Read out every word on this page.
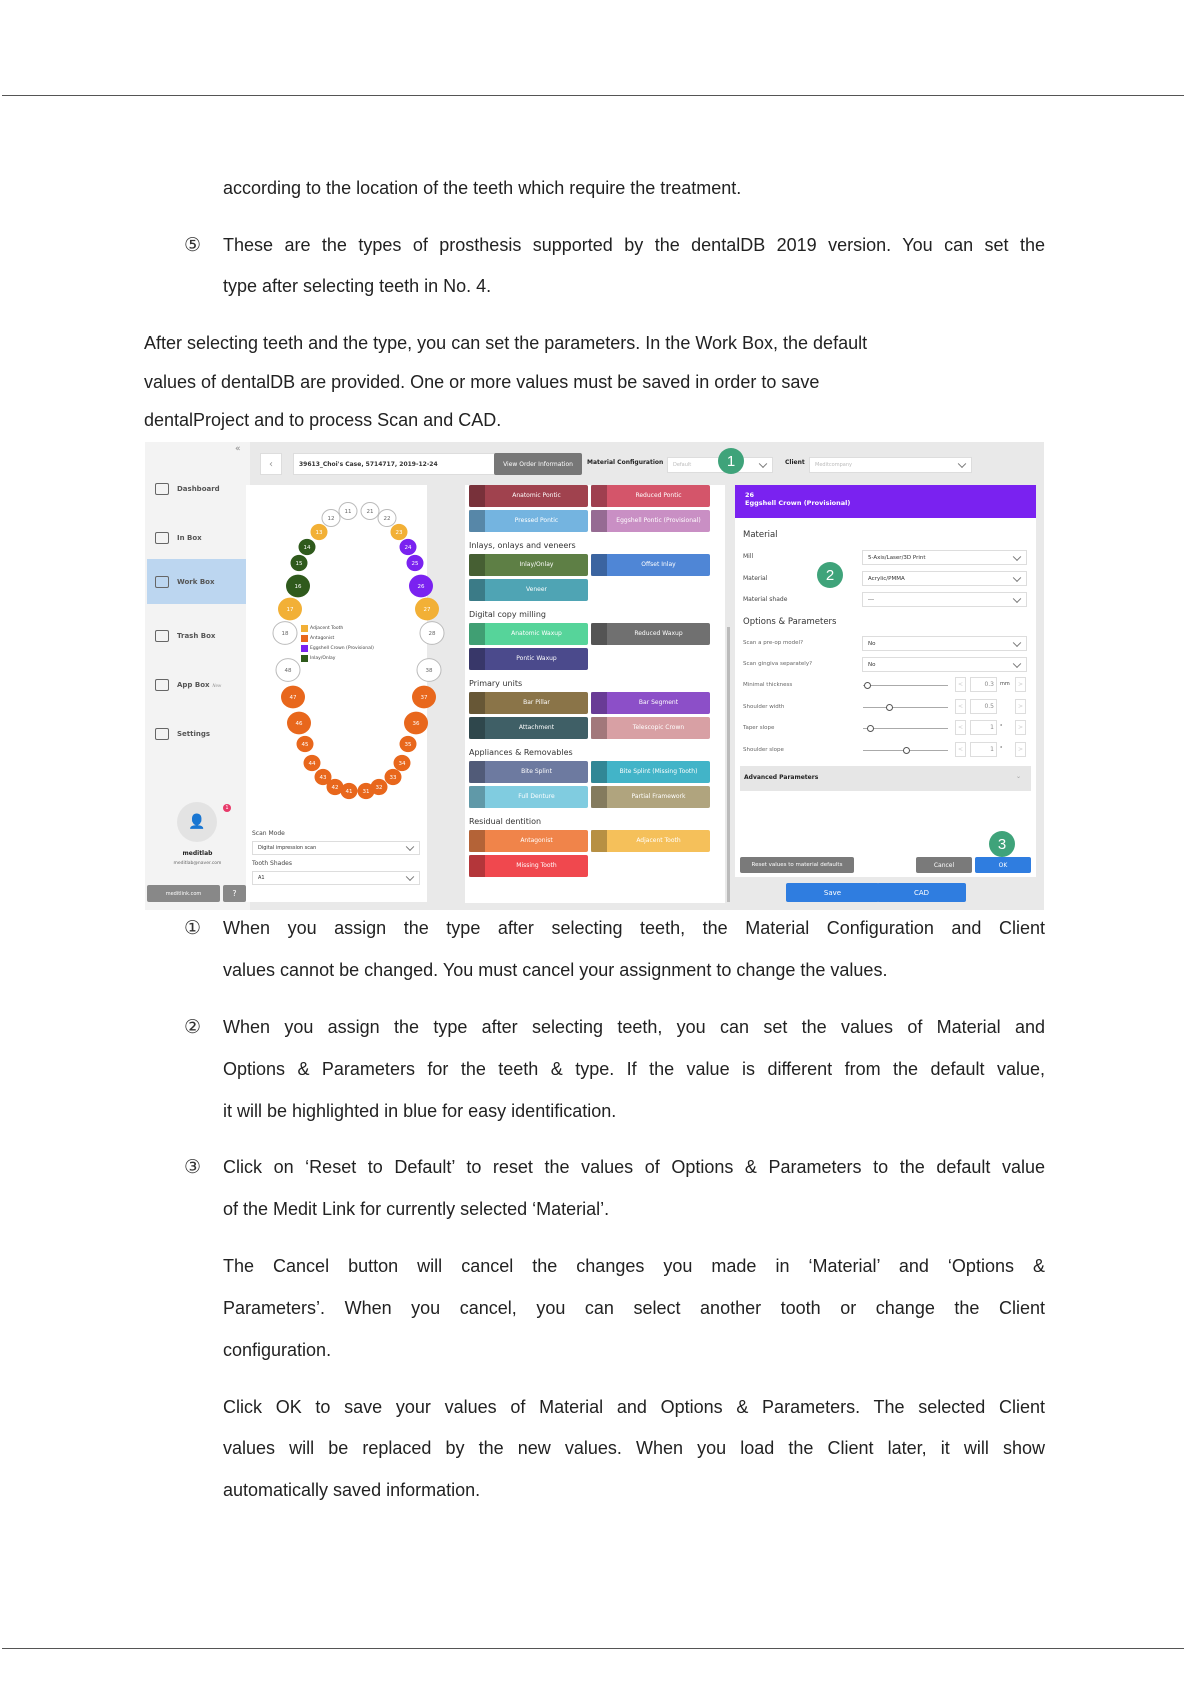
according to the location of the teeth which require the treatment.
⑤ These are the types of prosthesis supported by the dentalDB 2019 version. You can set the
type after selecting teeth in No. 4.
After selecting teeth and the type, you can set the parameters. In the Work Box, the default
values of dentalDB are provided. One or more values must be saved in order to save
dentalProject and to process Scan and CAD.
«
Dashboard
In Box
Work Box
Trash Box
App Box New
Settings
👤
1
meditlab
meditlab@naver.com
meditlink.com	?
‹	39613_Choi's Case, 5714717, 2019-12-24	View Order Information	Material Configuration	Default	1	Client	Meditcompany
11
12
21
22
13	23
14	24
15	25
16	26
17	27
18	28
48	38
47	37
46	36
45	35
44	34
43	33
42	32
41 31
Adjacent Tooth
Antagonist
Eggshell Crown (Provisional)
Inlay/Onlay
Scan Mode
Digital impression scan
Tooth Shades
A1
Anatomic Pontic	Reduced Pontic
Pressed Pontic	Eggshell Pontic (Provisional)
Inlays, onlays and veneers
Inlay/Onlay	Offset Inlay
Veneer
Digital copy milling
Anatomic Waxup	Reduced Waxup
Pontic Waxup
Primary units
Bar Pillar	Bar Segment
Attachment	Telescopic Crown
Appliances & Removables
Bite Splint	Bite Splint (Missing Tooth)
Full Denture	Partial Framework
Residual dentition
Antagonist	Adjacent Tooth
Missing Tooth
26
Eggshell Crown (Provisional)
Material
Mill	5-Axis/Laser/3D Print
Material	Acrylic/PMMA
Material shade	---
2
Options & Parameters
Scan a pre-op model?	No
Scan gingiva separately?	No
Advanced Parameters	⌄
Reset values to material defaults	Cancel	OK
3
Minimal thickness	<	0.3	mm	>
Shoulder width	<	0.5	>
Taper slope	<	1	°	>
Shoulder slope	<	1	°	>
Save	CAD
① When you assign the type after selecting teeth, the Material Configuration and Client
values cannot be changed. You must cancel your assignment to change the values.
② When you assign the type after selecting teeth, you can set the values of Material and
Options & Parameters for the teeth & type. If the value is different from the default value,
it will be highlighted in blue for easy identification.
③ Click on ‘Reset to Default’ to reset the values of Options & Parameters to the default value
of the Medit Link for currently selected ‘Material’.
The Cancel button will cancel the changes you made in ‘Material’ and ‘Options &
Parameters’. When you cancel, you can select another tooth or change the Client
configuration.
Click OK to save your values of Material and Options & Parameters. The selected Client
values will be replaced by the new values. When you load the Client later, it will show
automatically saved information.
